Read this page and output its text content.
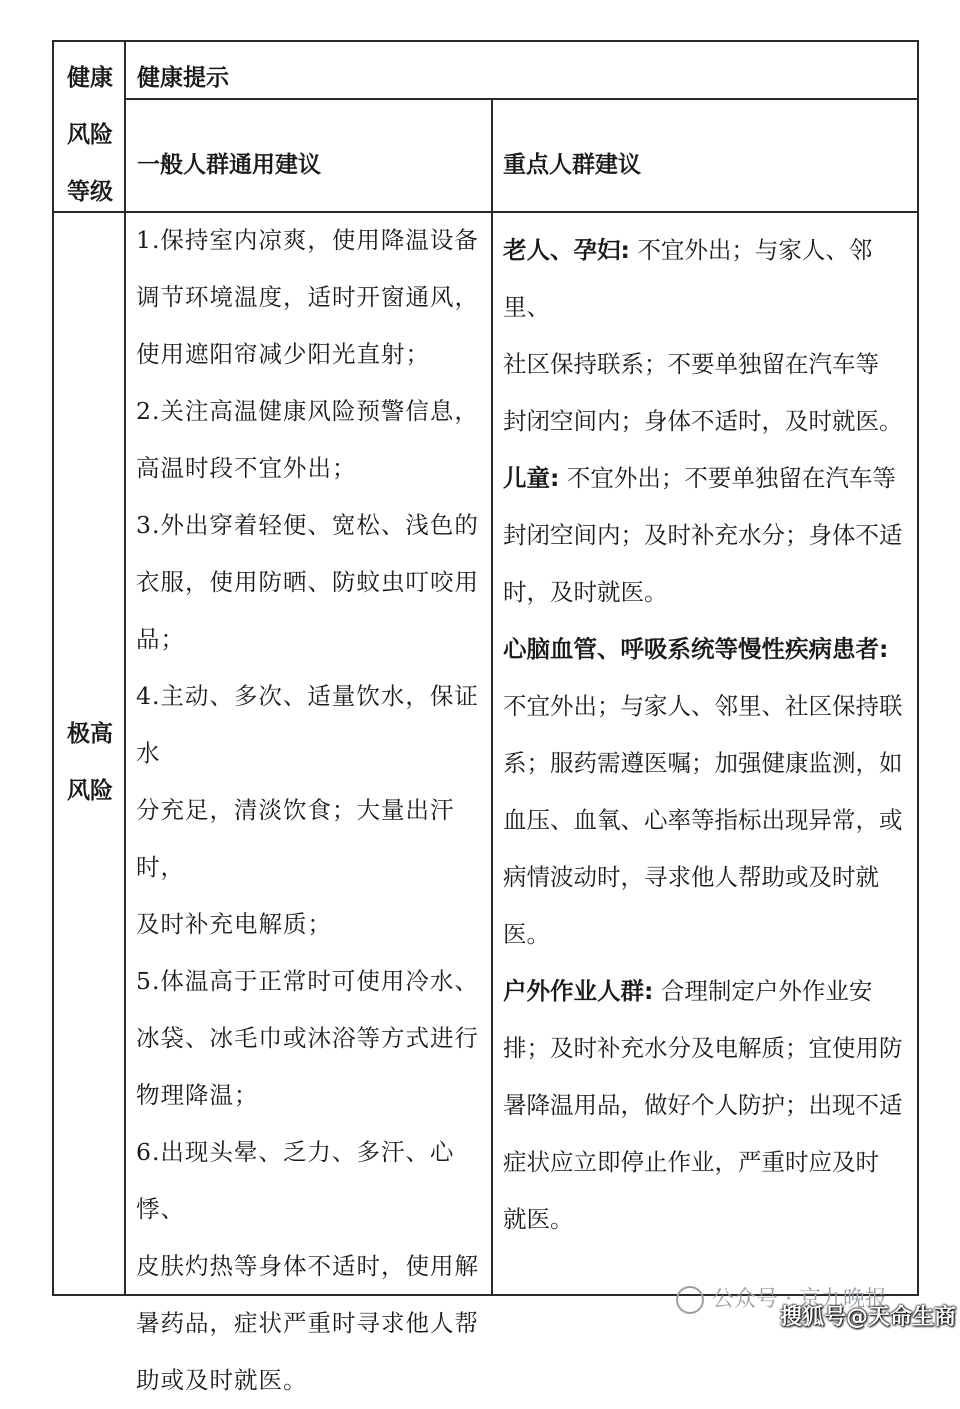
健康
风险
等级
健康提示
一般人群通用建议	重点人群建议
极高
风险

1.保持室内凉爽，使用降温设备

调节环境温度，适时开窗通风，

使用遮阳帘减少阳光直射；

2.关注高温健康风险预警信息，

高温时段不宜外出；

3.外出穿着轻便、宽松、浅色的

衣服，使用防晒、防蚊虫叮咬用

品；

4.主动、多次、适量饮水，保证水

分充足，清淡饮食；大量出汗时，

及时补充电解质；

5.体温高于正常时可使用冷水、

冰袋、冰毛巾或沐浴等方式进行

物理降温；

6.出现头晕、乏力、多汗、心悸、

皮肤灼热等身体不适时，使用解

暑药品，症状严重时寻求他人帮

助或及时就医。

老人、孕妇: 不宜外出；与家人、邻里、

社区保持联系；不要单独留在汽车等

封闭空间内；身体不适时，及时就医。

儿童: 不宜外出；不要单独留在汽车等

封闭空间内；及时补充水分；身体不适

时，及时就医。

心脑血管、呼吸系统等慢性疾病患者:

不宜外出；与家人、邻里、社区保持联

系；服药需遵医嘱；加强健康监测，如

血压、血氧、心率等指标出现异常，或

病情波动时，寻求他人帮助或及时就

医。

户外作业人群: 合理制定户外作业安

排；及时补充水分及电解质；宜使用防

暑降温用品，做好个人防护；出现不适

症状应立即停止作业，严重时应及时

就医。

公众号 · 京九晚报
搜狐号@天命生商
